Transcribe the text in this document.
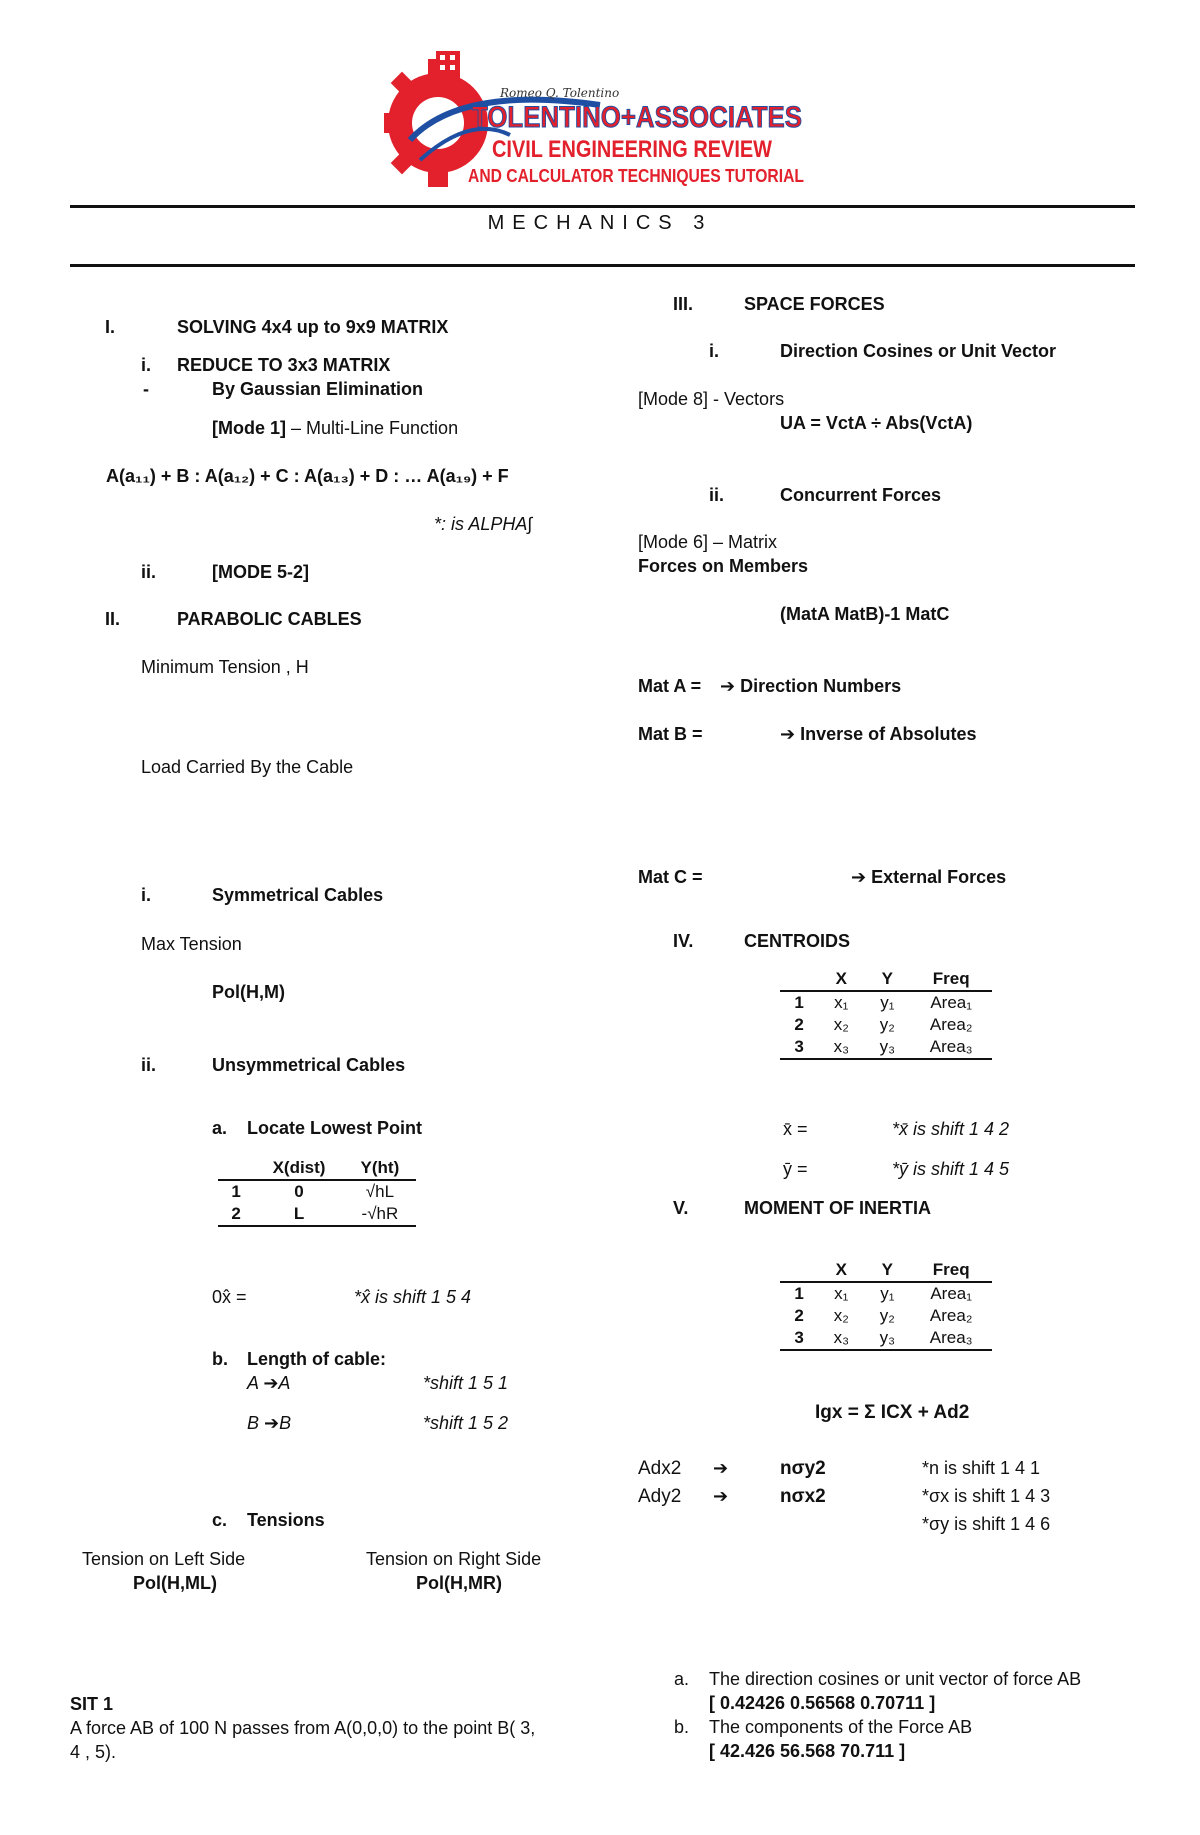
Romeo Q. Tolentino
TOLENTINO+ASSOCIATES
CIVIL ENGINEERING REVIEW
AND CALCULATOR TECHNIQUES TUTORIAL
MECHANICS 3
I.	SOLVING 4x4 up to 9x9 MATRIX
i. REDUCE TO 3x3 MATRIX
-	By Gaussian Elimination
[Mode 1] – Multi-Line Function
A(a₁₁) + B : A(a₁₂) + C : A(a₁₃) + D : … A(a₁₉) + F
*: is ALPHA∫
ii.	[MODE 5-2]
II.	PARABOLIC CABLES
Minimum Tension , H
Load Carried By the Cable
i.	Symmetrical Cables
Max Tension
Pol(H,M)
ii.	Unsymmetrical Cables
a. Locate Lowest Point
	X(dist)	Y(ht)
1	0	√hL
2	L	-√hR
0x̂ =	*x̂ is shift 1 5 4
b. Length of cable:
A ➔A	*shift 1 5 1
B ➔B	*shift 1 5 2
c. Tensions
Tension on Left Side
Pol(H,ML)
Tension on Right Side
Pol(H,MR)
SIT 1
A force AB of 100 N passes from A(0,0,0) to the point B( 3,
4 , 5).
III.	SPACE FORCES
i.	Direction Cosines or Unit Vector
[Mode 8] - Vectors
UA = VctA ÷ Abs(VctA)
ii.	Concurrent Forces
[Mode 6] – Matrix
Forces on Members
(MatA MatB)-1 MatC
Mat A = ➔ Direction Numbers
Mat B =	➔ Inverse of Absolutes
Mat C =	➔ External Forces
IV.	CENTROIDS
	X	Y	Freq
1	x₁	y₁	Area₁
2	x₂	y₂	Area₂
3	x₃	y₃	Area₃
x̄ =	*x̄ is shift 1 4 2
ȳ =	*ȳ is shift 1 4 5
V.	MOMENT OF INERTIA
	X	Y	Freq
1	x₁	y₁	Area₁
2	x₂	y₂	Area₂
3	x₃	y₃	Area₃
Igx = Σ ICX + Ad2
Adx2 ➔	nσy2	*n is shift 1 4 1
Ady2 ➔	nσx2	*σx is shift 1 4 3
*σy is shift 1 4 6
a. The direction cosines or unit vector of force AB
[ 0.42426 0.56568 0.70711 ]
b. The components of the Force AB
[ 42.426 56.568 70.711 ]
